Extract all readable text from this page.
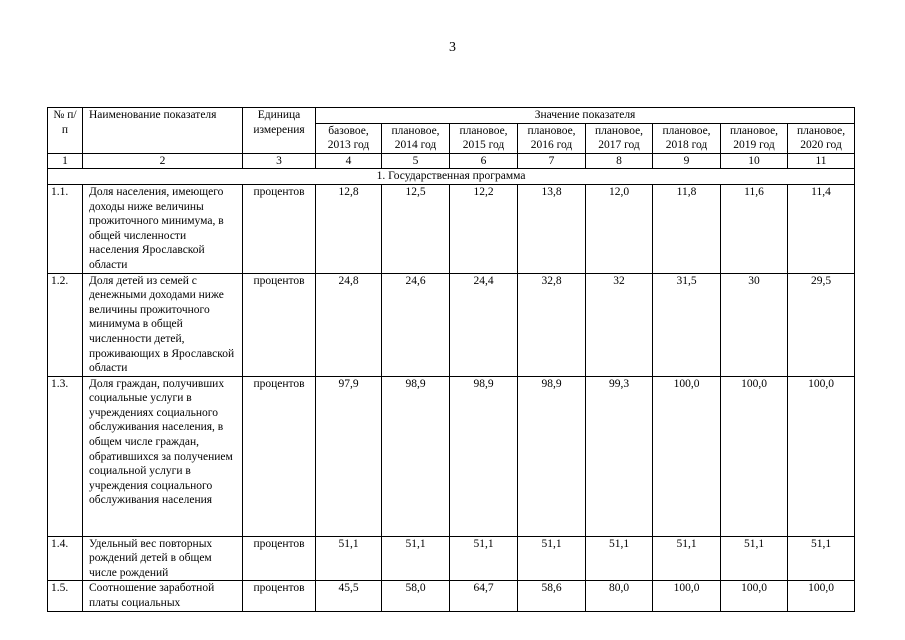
3
№ п/п	Наименование показателя	Единица измерения	Значение показателя							
			базовое, 2013 год	плановое, 2014 год	плановое, 2015 год	плановое, 2016 год	плановое, 2017 год	плановое, 2018 год	плановое, 2019 год	плановое, 2020 год
1	2	3	4	5	6	7	8	9	10	11
1. Государственная программа										
1.1.	Доля населения, имеющего доходы ниже величины прожиточного минимума, в общей численности населения Ярославской области	процентов	12,8	12,5	12,2	13,8	12,0	11,8	11,6	11,4
1.2.	Доля детей из семей с денежными доходами ниже величины прожиточного минимума в общей численности детей, проживающих в Ярославской области	процентов	24,8	24,6	24,4	32,8	32	31,5	30	29,5
1.3.	Доля граждан, получивших социальные услуги в учреждениях социального обслуживания населения, в общем числе граждан, обратившихся за получением социальной услуги в учреждения социального обслуживания населения	процентов	97,9	98,9	98,9	98,9	99,3	100,0	100,0	100,0
1.4.	Удельный вес повторных рождений детей в общем числе рождений	процентов	51,1	51,1	51,1	51,1	51,1	51,1	51,1	51,1
1.5.	Соотношение заработной платы социальных	процентов	45,5	58,0	64,7	58,6	80,0	100,0	100,0	100,0
